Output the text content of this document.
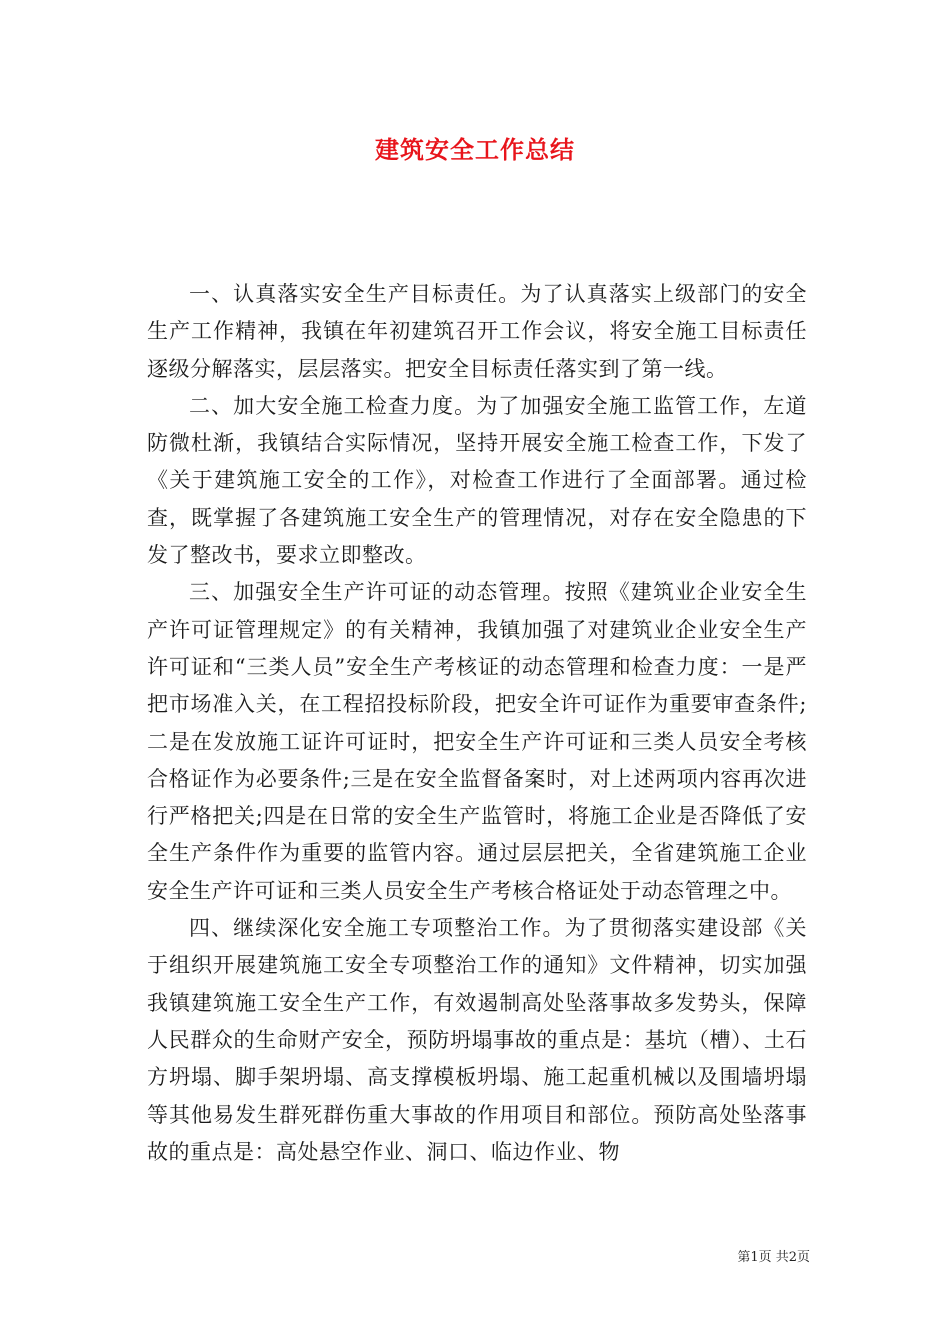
建筑安全工作总结

一、认真落实安全生产目标责任。为了认真落实上级部门的安全生产工作精神，我镇在年初建筑召开工作会议，将安全施工目标责任逐级分解落实，层层落实。把安全目标责任落实到了第一线。

二、加大安全施工检查力度。为了加强安全施工监管工作，左道防微杜渐，我镇结合实际情况，坚持开展安全施工检查工作，下发了《关于建筑施工安全的工作》，对检查工作进行了全面部署。通过检查，既掌握了各建筑施工安全生产的管理情况，对存在安全隐患的下发了整改书，要求立即整改。

三、加强安全生产许可证的动态管理。按照《建筑业企业安全生产许可证管理规定》的有关精神，我镇加强了对建筑业企业安全生产许可证和“三类人员”安全生产考核证的动态管理和检查力度：一是严把市场准入关，在工程招投标阶段，把安全许可证作为重要审查条件;二是在发放施工证许可证时，把安全生产许可证和三类人员安全考核合格证作为必要条件;三是在安全监督备案时，对上述两项内容再次进行严格把关;四是在日常的安全生产监管时，将施工企业是否降低了安全生产条件作为重要的监管内容。通过层层把关，全省建筑施工企业安全生产许可证和三类人员安全生产考核合格证处于动态管理之中。

四、继续深化安全施工专项整治工作。为了贯彻落实建设部《关于组织开展建筑施工安全专项整治工作的通知》文件精神，切实加强我镇建筑施工安全生产工作，有效遏制高处坠落事故多发势头，保障人民群众的生命财产安全，预防坍塌事故的重点是：基坑（槽）、土石方坍塌、脚手架坍塌、高支撑模板坍塌、施工起重机械以及围墙坍塌等其他易发生群死群伤重大事故的作用项目和部位。预防高处坠落事故的重点是：高处悬空作业、洞口、临边作业、物

第1页 共2页
